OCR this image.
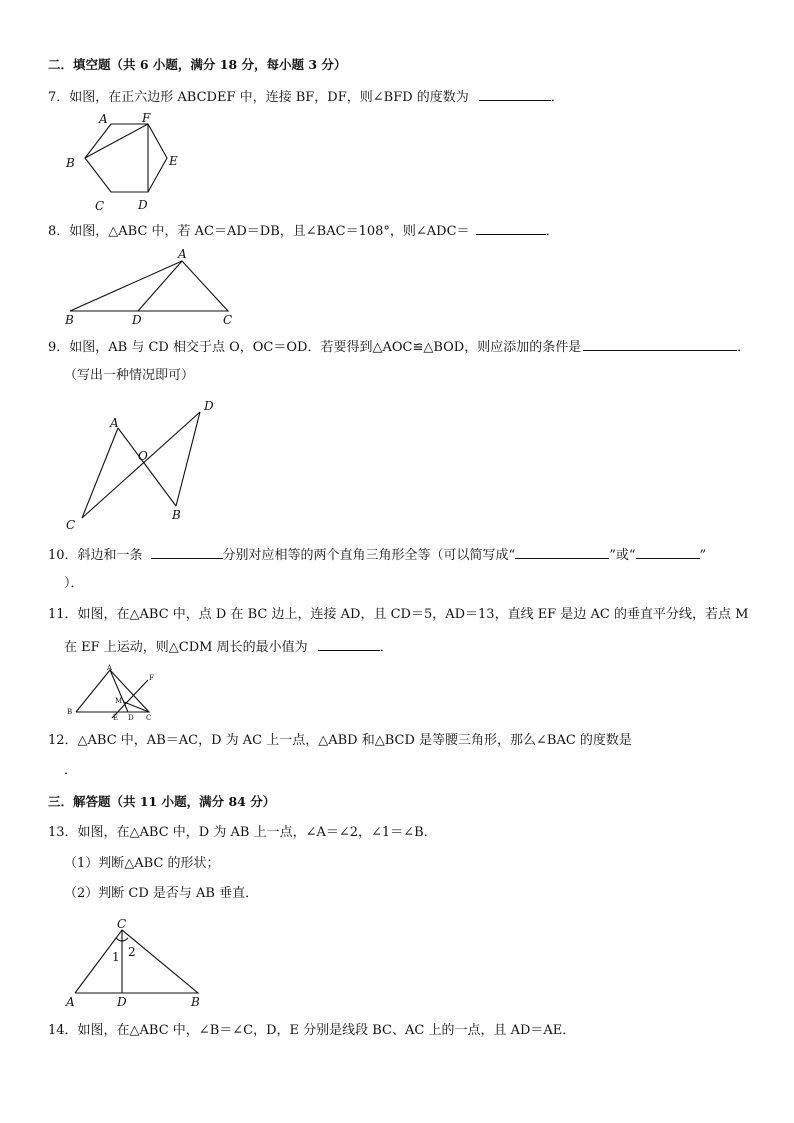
二．填空题（共 6 小题，满分 18 分，每小题 3 分）
7．如图，在正六边形 ABCDEF 中，连接 BF，DF，则∠BFD 的度数为	．
A	F
B	E
C	D
8．如图，△ABC 中，若 AC＝AD＝DB，且∠BAC＝108°，则∠ADC＝	．
A
B	D	C
9．如图，AB 与 CD 相交于点 O，OC＝OD．若要得到△AOC≌△BOD，则应添加的条件是	．
（写出一种情况即可）
A
D
O
C
B
10．斜边和一条	分别对应相等的两个直角三角形全等（可以简写成“	”或“	”
）．
11．如图，在△ABC 中，点 D 在 BC 边上，连接 AD，且 CD＝5，AD＝13，直线 EF 是边 AC 的垂直平分线，若点 M
在 EF 上运动，则△CDM 周长的最小值为	．
A
F
M
B
E D C
12．△ABC 中，AB＝AC，D 为 AC 上一点，△ABD 和△BCD 是等腰三角形，那么∠BAC 的度数是
．
三．解答题（共 11 小题，满分 84 分）
13．如图，在△ABC 中，D 为 AB 上一点，∠A＝∠2，∠1＝∠B．
（1）判断△ABC 的形状；
（2）判断 CD 是否与 AB 垂直．
C
1 2
A	D	B
14．如图，在△ABC 中，∠B＝∠C，D，E 分别是线段 BC、AC 上的一点，且 AD＝AE．
